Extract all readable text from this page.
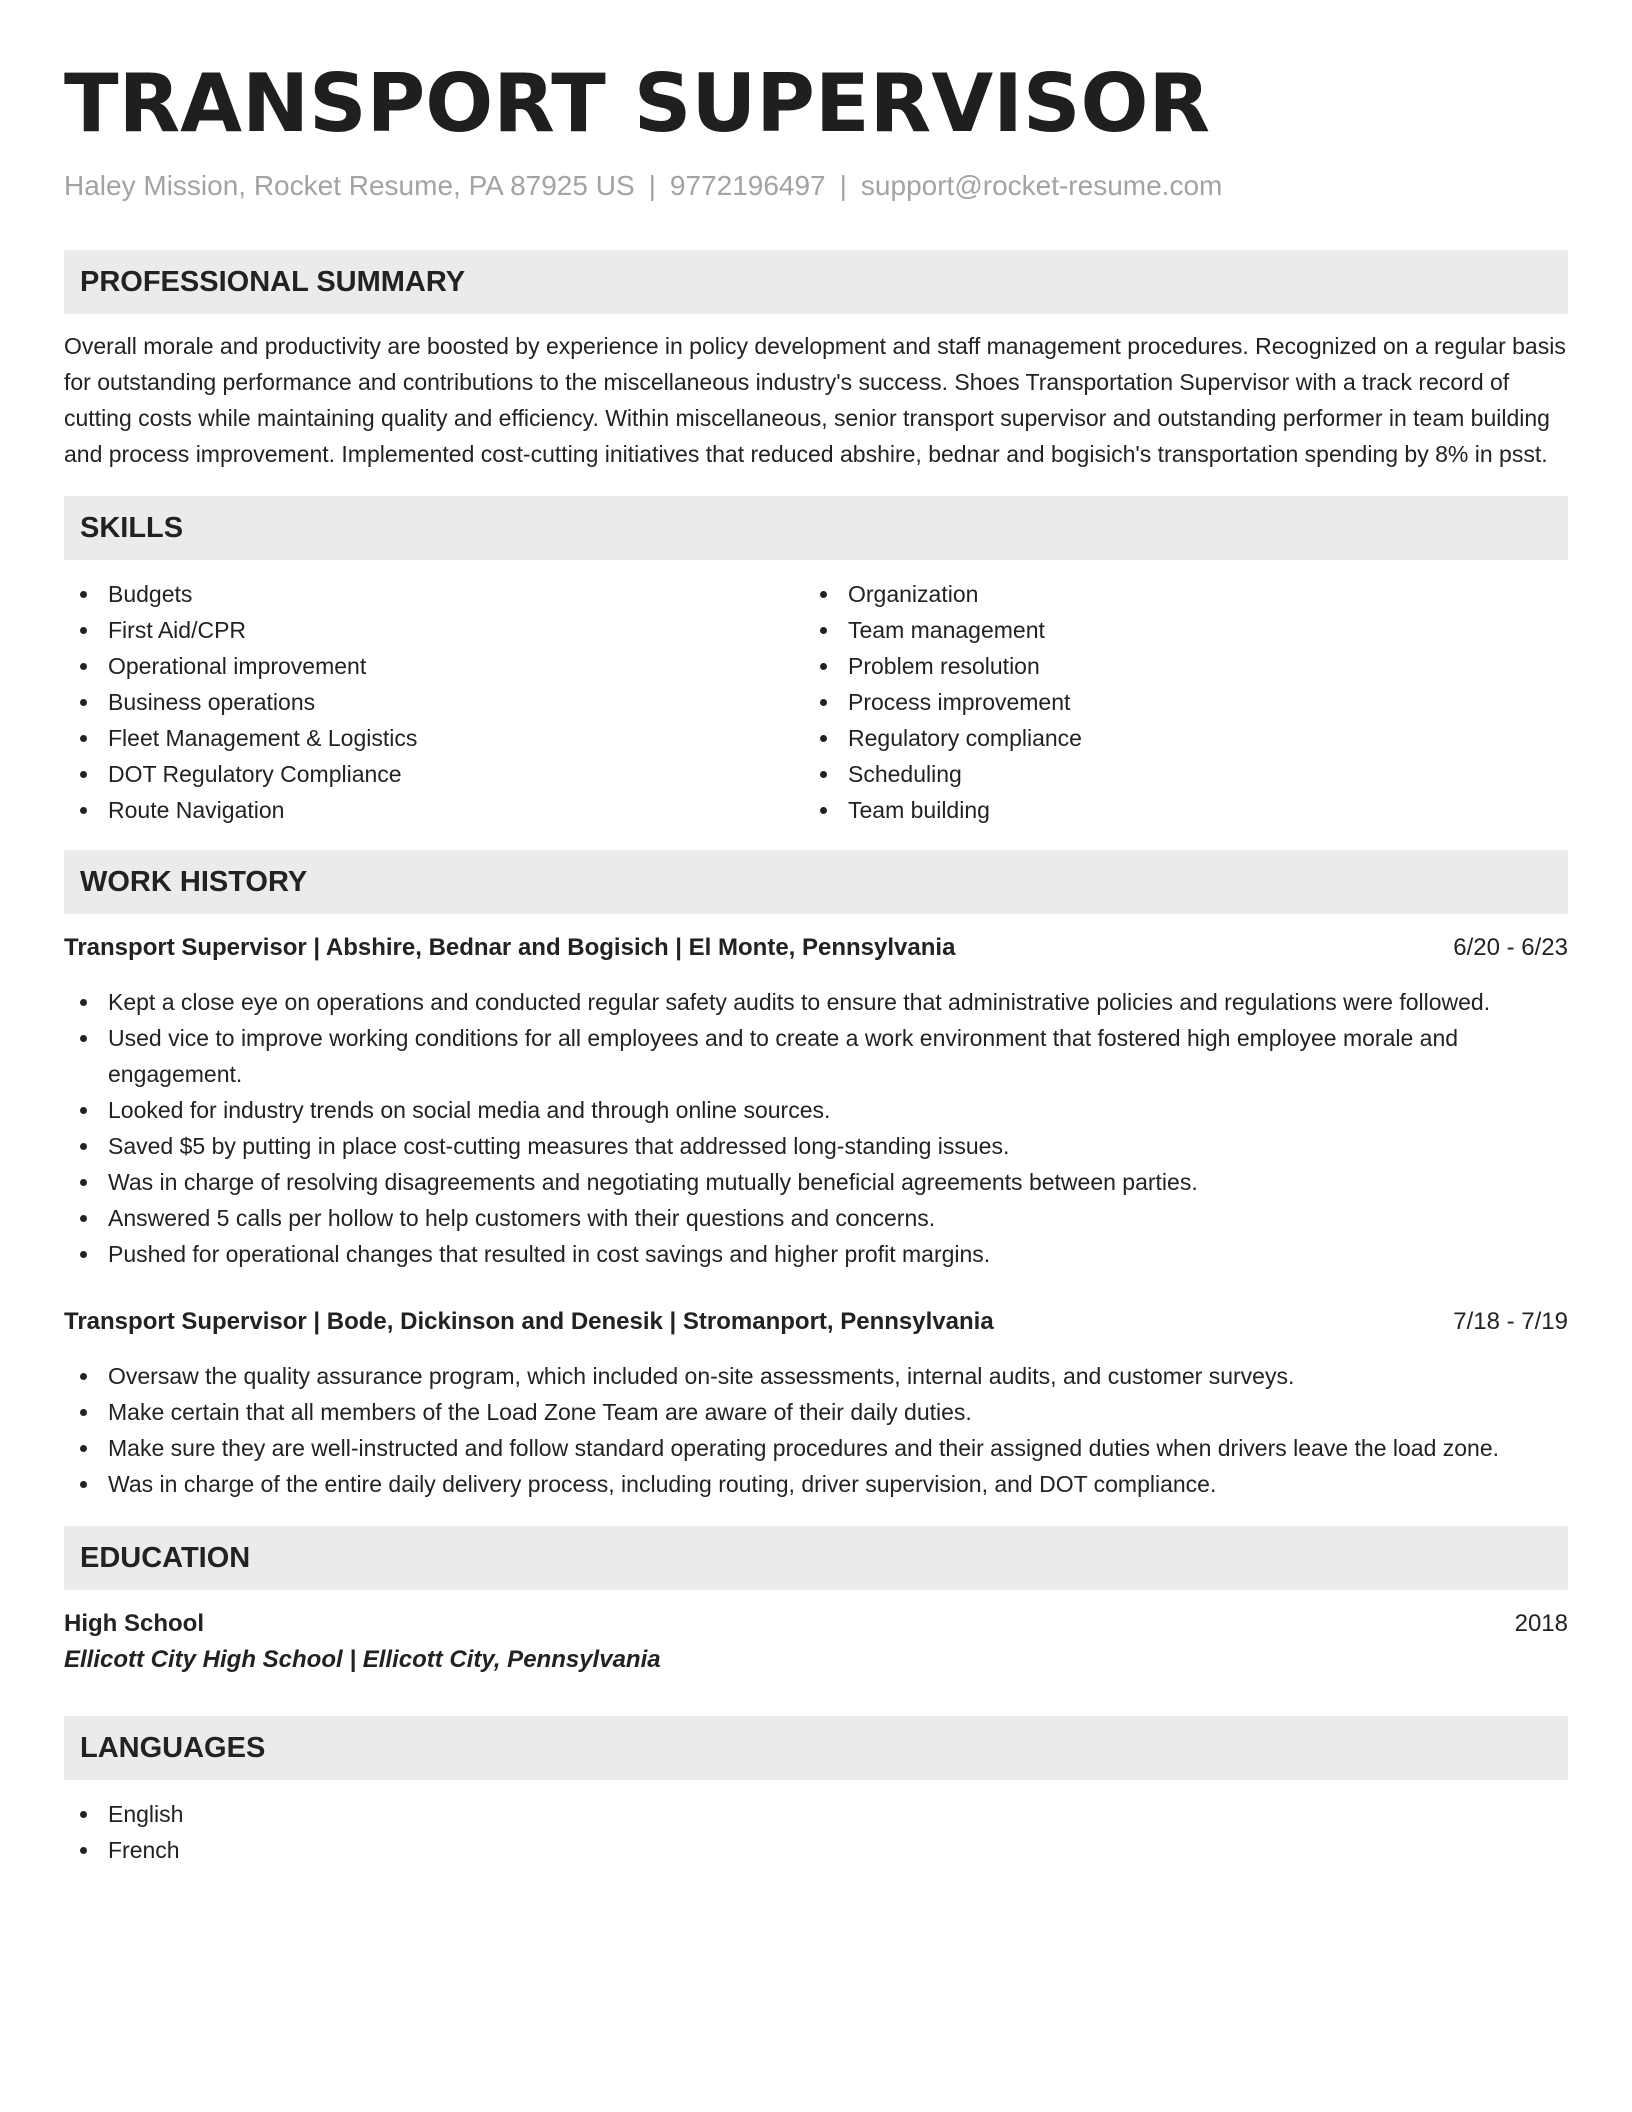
TRANSPORT SUPERVISOR
Haley Mission, Rocket Resume, PA 87925 US | 9772196497 | support@rocket-resume.com
PROFESSIONAL SUMMARY

Overall morale and productivity are boosted by experience in policy development and staff management procedures. Recognized on a regular basis for outstanding performance and contributions to the miscellaneous industry's success. Shoes Transportation Supervisor with a track record of cutting costs while maintaining quality and efficiency. Within miscellaneous, senior transport supervisor and outstanding performer in team building and process improvement. Implemented cost-cutting initiatives that reduced abshire, bednar and bogisich's transportation spending by 8% in psst.

SKILLS
Budgets
First Aid/CPR
Operational improvement
Business operations
Fleet Management & Logistics
DOT Regulatory Compliance
Route Navigation
Organization
Team management
Problem resolution
Process improvement
Regulatory compliance
Scheduling
Team building
WORK HISTORY
Transport Supervisor | Abshire, Bednar and Bogisich | El Monte, Pennsylvania	6/20 - 6/23
Kept a close eye on operations and conducted regular safety audits to ensure that administrative policies and regulations were followed.
Used vice to improve working conditions for all employees and to create a work environment that fostered high employee morale and engagement.
Looked for industry trends on social media and through online sources.
Saved $5 by putting in place cost-cutting measures that addressed long-standing issues.
Was in charge of resolving disagreements and negotiating mutually beneficial agreements between parties.
Answered 5 calls per hollow to help customers with their questions and concerns.
Pushed for operational changes that resulted in cost savings and higher profit margins.
Transport Supervisor | Bode, Dickinson and Denesik | Stromanport, Pennsylvania	7/18 - 7/19
Oversaw the quality assurance program, which included on-site assessments, internal audits, and customer surveys.
Make certain that all members of the Load Zone Team are aware of their daily duties.
Make sure they are well-instructed and follow standard operating procedures and their assigned duties when drivers leave the load zone.
Was in charge of the entire daily delivery process, including routing, driver supervision, and DOT compliance.
EDUCATION
High School	2018
Ellicott City High School | Ellicott City, Pennsylvania
LANGUAGES
English
French
